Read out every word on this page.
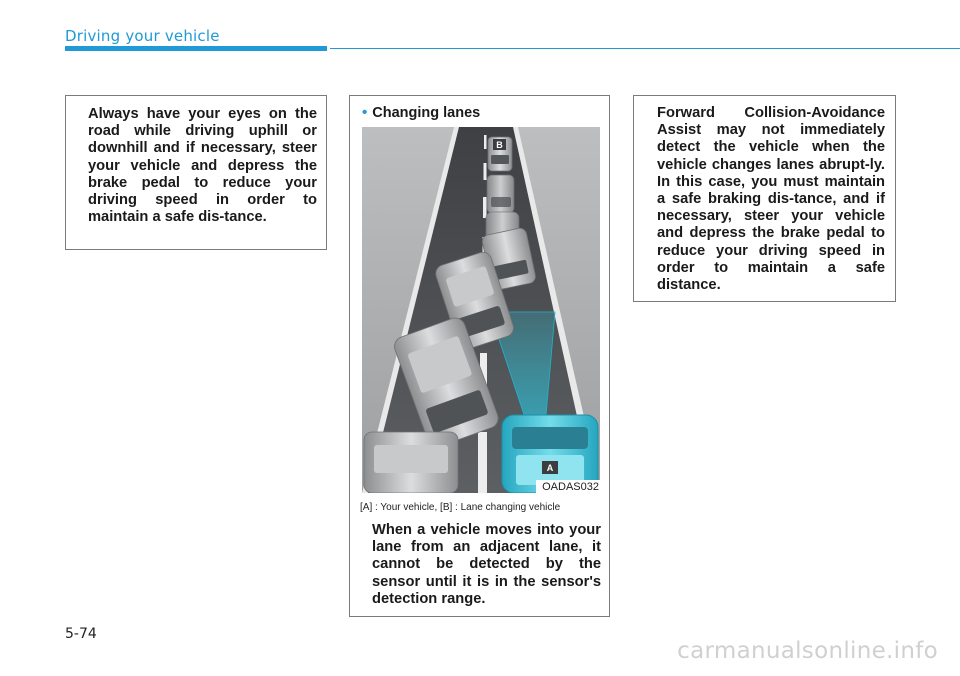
Driving your vehicle

Always have your eyes on the road while driving uphill or downhill and if necessary, steer your vehicle and depress the brake pedal to reduce your driving speed in order to maintain a safe dis-tance.

• Changing lanes
B
A
OADAS032
[A] : Your vehicle, [B] : Lane changing vehicle

When a vehicle moves into your lane from an adjacent lane, it cannot be detected by the sensor until it is in the sensor's detection range.

Forward Collision-Avoidance Assist may not immediately detect the vehicle when the vehicle changes lanes abrupt-ly. In this case, you must maintain a safe braking dis-tance, and if necessary, steer your vehicle and depress the brake pedal to reduce your driving speed in order to maintain a safe distance.

5-74
carmanualsonline.info
